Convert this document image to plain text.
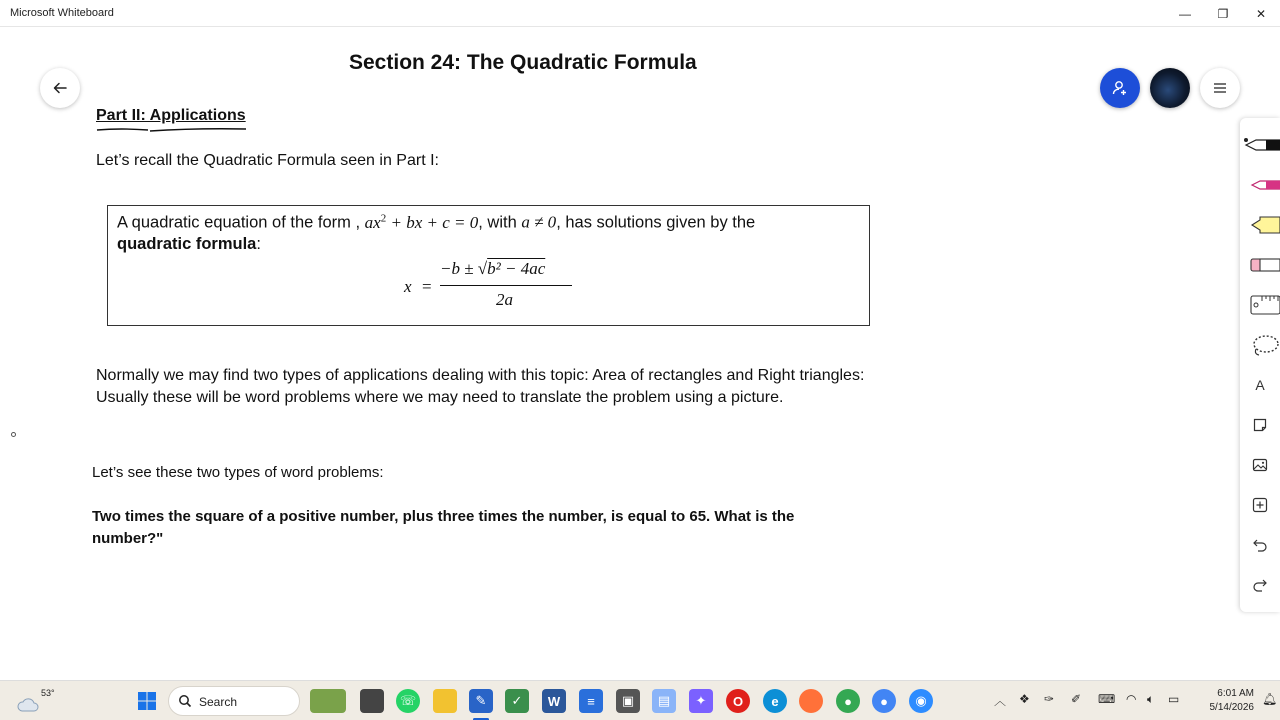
Microsoft Whiteboard	—	❐	✕
Section 24: The Quadratic Formula
Part II: Applications
Let’s recall the Quadratic Formula seen in Part I:
A quadratic equation of the form , $ax^2$ + bx + c = 0, with a ≠ 0, has solutions given by the
quadratic formula:
x =
−b ± √b² − 4ac
2a
Normally we may find two types of applications dealing with this topic: Area of rectangles and Right triangles:
Usually these will be word problems where we may need to translate the problem using a picture.
Let’s see these two types of word problems:
Two times the square of a positive number, plus three times the number, is equal to 65. What is the
number?"
A
53°
Search	☏	✎	✓	W	≡	▣	▤	✦	O	e	●	●	◉	︿ ❖ ✑ ✐ ⌨ ◠ 🔈︎ ▭	6:01 AM
5/14/2026
🔔︎
